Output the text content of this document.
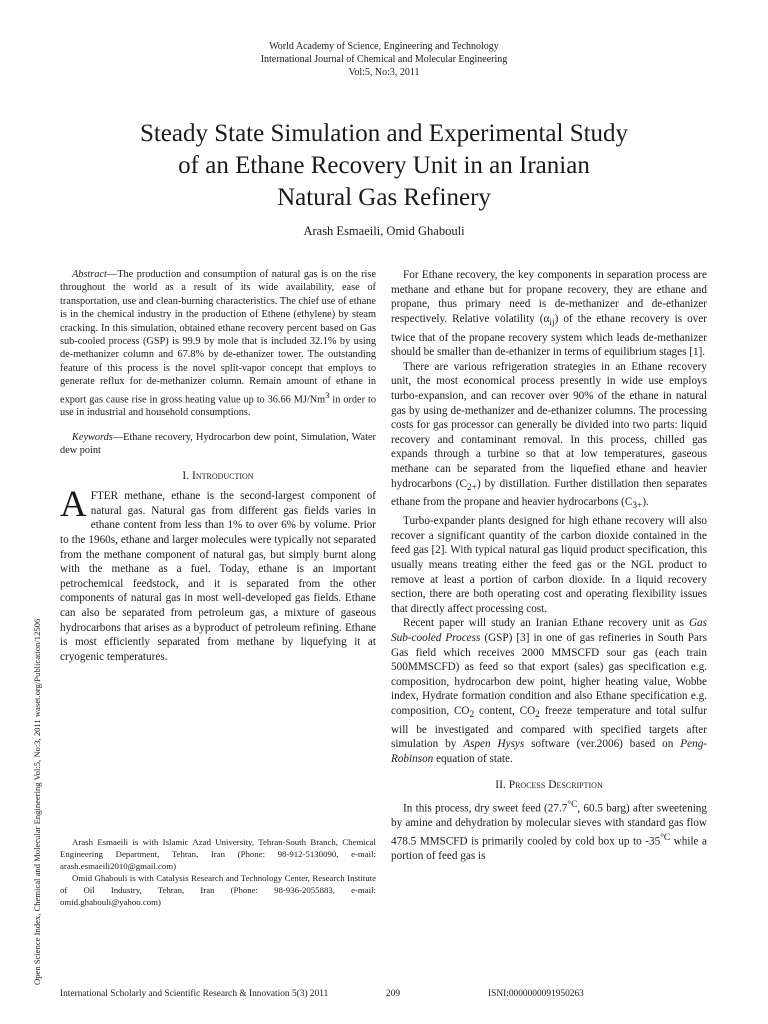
World Academy of Science, Engineering and Technology
International Journal of Chemical and Molecular Engineering
Vol:5, No:3, 2011
Steady State Simulation and Experimental Study
of an Ethane Recovery Unit in an Iranian
Natural Gas Refinery
Arash Esmaeili, Omid Ghabouli
Open Science Index, Chemical and Molecular Engineering Vol:5, No:3, 2011 waset.org/Publication/12506

Abstract—The production and consumption of natural gas is on the rise throughout the world as a result of its wide availability, ease of transportation, use and clean-burning characteristics. The chief use of ethane is in the chemical industry in the production of Ethene (ethylene) by steam cracking. In this simulation, obtained ethane recovery percent based on Gas sub-cooled process (GSP) is 99.9 by mole that is included 32.1% by using de-methanizer column and 67.8% by de-ethanizer tower. The outstanding feature of this process is the novel split-vapor concept that employs to generate reflux for de-methanizer column. Remain amount of ethane in export gas cause rise in gross heating value up to 36.66 MJ/Nm$^3$ in order to use in industrial and household consumptions.

Keywords—Ethane recovery, Hydrocarbon dew point, Simulation, Water dew point

I. Introduction

AFTER methane, ethane is the second-largest component of natural gas. Natural gas from different gas fields varies in ethane content from less than 1% to over 6% by volume. Prior to the 1960s, ethane and larger molecules were typically not separated from the methane component of natural gas, but simply burnt along with the methane as a fuel. Today, ethane is an important petrochemical feedstock, and it is separated from the other components of natural gas in most well-developed gas fields. Ethane can also be separated from petroleum gas, a mixture of gaseous hydrocarbons that arises as a byproduct of petroleum refining. Ethane is most efficiently separated from methane by liquefying it at cryogenic temperatures.

Arash Esmaeili is with Islamic Azad University, Tehran-South Branch, Chemical Engineering Department, Tehran, Iran (Phone: 98-912-5130090, e-mail: arash.esmaeili2010@gmail.com)

Omid Ghabouli is with Catalysis Research and Technology Center, Research Institute of Oil Industry, Tehran, Iran (Phone: 98-936-2055883, e-mail: omid.ghabouli@yahoo.com)

For Ethane recovery, the key components in separation process are methane and ethane but for propane recovery, they are ethane and propane, thus primary need is de-methanizer and de-ethanizer respectively. Relative volatility $(\alpha_{ij})$ of the ethane recovery is over twice that of the propane recovery system which leads de-methanizer should be smaller than de-ethanizer in terms of equilibrium stages [1].

There are various refrigeration strategies in an Ethane recovery unit, the most economical process presently in wide use employs turbo-expansion, and can recover over 90% of the ethane in natural gas by using de-methanizer and de-ethanizer columns. The processing costs for gas processor can generally be divided into two parts: liquid recovery and contaminant removal. In this process, chilled gas expands through a turbine so that at low temperatures, gaseous methane can be separated from the liquefied ethane and heavier hydrocarbons $(C_{2+})$ by distillation. Further distillation then separates ethane from the propane and heavier hydrocarbons $(C_{3+})$.

Turbo-expander plants designed for high ethane recovery will also recover a significant quantity of the carbon dioxide contained in the feed gas [2]. With typical natural gas liquid product specification, this usually means treating either the feed gas or the NGL product to remove at least a portion of carbon dioxide. In a liquid recovery section, there are both operating cost and operating flexibility issues that directly affect processing cost.

Recent paper will study an Iranian Ethane recovery unit as Gas Sub-cooled Process (GSP) [3] in one of gas refineries in South Pars Gas field which receives 2000 MMSCFD sour gas (each train 500MMSCFD) as feed so that export (sales) gas specification e.g. composition, hydrocarbon dew point, higher heating value, Wobbe index, Hydrate formation condition and also Ethane specification e.g. composition, $CO_2$ content, $CO_2$ freeze temperature and total sulfur will be investigated and compared with specified targets after simulation by Aspen Hysys software (ver.2006) based on Peng-Robinson equation of state.

II. Process Description

In this process, dry sweet feed ($27.7^{^\circ C}$, 60.5 barg) after sweetening by amine and dehydration by molecular sieves with standard gas flow 478.5 MMSCFD is primarily cooled by cold box up to $-35^{^\circ C}$ while a portion of feed gas is

International Scholarly and Scientific Research & Innovation 5(3) 2011	209	ISNI:0000000091950263
